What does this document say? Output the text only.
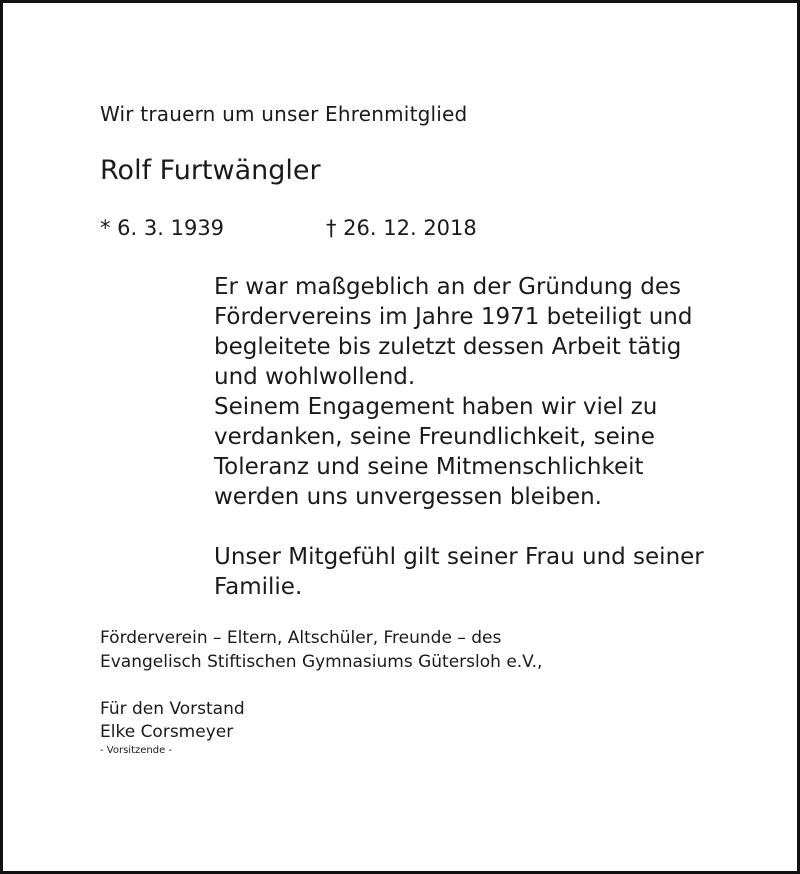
Wir trauern um unser Ehrenmitglied
Rolf Furtwängler
* 6. 3. 1939	† 26. 12. 2018
Er war maßgeblich an der Gründung des
Fördervereins im Jahre 1971 beteiligt und
begleitete bis zuletzt dessen Arbeit tätig
und wohlwollend.
Seinem Engagement haben wir viel zu
verdanken, seine Freundlichkeit, seine
Toleranz und seine Mitmenschlichkeit
werden uns unvergessen bleiben.
Unser Mitgefühl gilt seiner Frau und seiner
Familie.
Förderverein – Eltern, Altschüler, Freunde – des
Evangelisch Stiftischen Gymnasiums Gütersloh e.V.,
Für den Vorstand
Elke Corsmeyer
- Vorsitzende -
